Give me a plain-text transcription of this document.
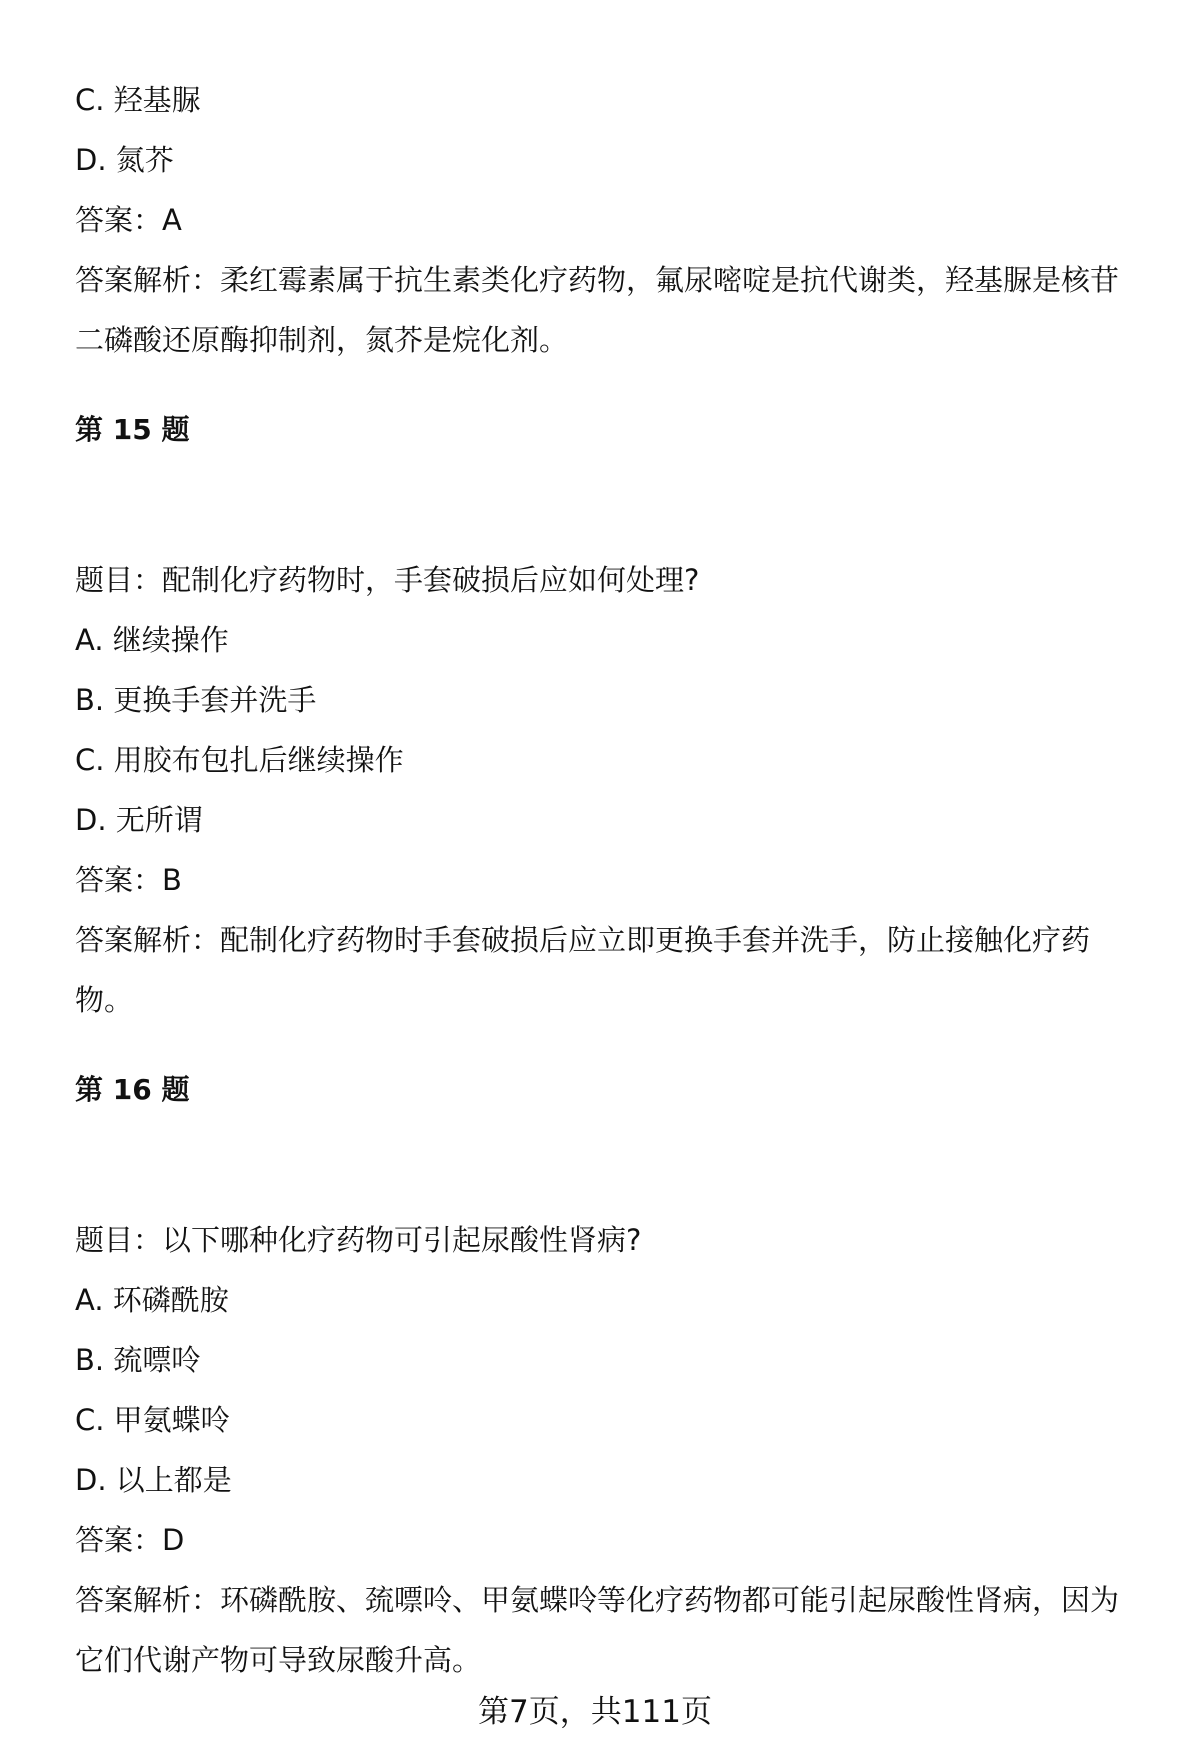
C. 羟基脲

D. 氮芥

答案：A

答案解析：柔红霉素属于抗生素类化疗药物，氟尿嘧啶是抗代谢类，羟基脲是核苷二磷酸还原酶抑制剂，氮芥是烷化剂。

第 15 题

题目：配制化疗药物时，手套破损后应如何处理?

A. 继续操作

B. 更换手套并洗手

C. 用胶布包扎后继续操作

D. 无所谓

答案：B

答案解析：配制化疗药物时手套破损后应立即更换手套并洗手，防止接触化疗药物。

第 16 题

题目：以下哪种化疗药物可引起尿酸性肾病?

A. 环磷酰胺

B. 巯嘌呤

C. 甲氨蝶呤

D. 以上都是

答案：D

答案解析：环磷酰胺、巯嘌呤、甲氨蝶呤等化疗药物都可能引起尿酸性肾病，因为它们代谢产物可导致尿酸升高。

第7页，共111页
